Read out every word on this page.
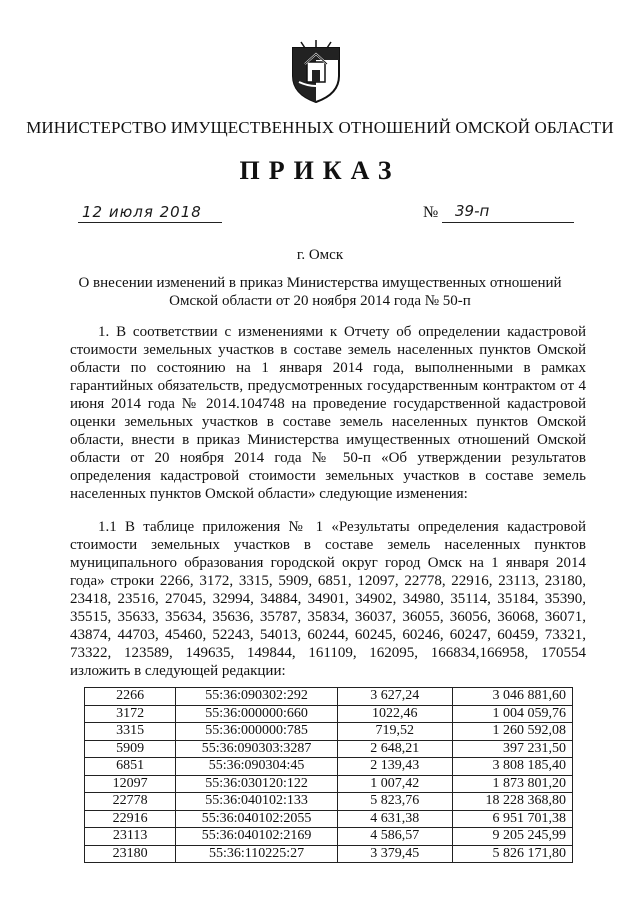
МИНИСТЕРСТВО ИМУЩЕСТВЕННЫХ ОТНОШЕНИЙ ОМСКОЙ ОБЛАСТИ
ПРИКАЗ
12 июля 2018	№ 39-п
г. Омск
О внесении изменений в приказ Министерства имущественных отношений Омской области от 20 ноября 2014 года № 50-п

1. В соответствии с изменениями к Отчету об определении кадастровой стоимости земельных участков в составе земель населенных пунктов Омской области по состоянию на 1 января 2014 года, выполненными в рамках гарантийных обязательств, предусмотренных государственным контрактом от 4 июня 2014 года № 2014.104748 на проведение государственной кадастровой оценки земельных участков в составе земель населенных пунктов Омской области, внести в приказ Министерства имущественных отношений Омской области от 20 ноября 2014 года № 50-п «Об утверждении результатов определения кадастровой стоимости земельных участков в составе земель населенных пунктов Омской области» следующие изменения:

1.1 В таблице приложения № 1 «Результаты определения кадастровой стоимости земельных участков в составе земель населенных пунктов муниципального образования городской округ город Омск на 1 января 2014 года» строки 2266, 3172, 3315, 5909, 6851, 12097, 22778, 22916, 23113, 23180, 23418, 23516, 27045, 32994, 34884, 34901, 34902, 34980, 35114, 35184, 35390, 35515, 35633, 35634, 35636, 35787, 35834, 36037, 36055, 36056, 36068, 36071, 43874, 44703, 45460, 52243, 54013, 60244, 60245, 60246, 60247, 60459, 73321, 73322, 123589, 149635, 149844, 161109, 162095, 166834,166958, 170554 изложить в следующей редакции:

2266	55:36:090302:292	3 627,24	3 046 881,60
3172	55:36:000000:660	1022,46	1 004 059,76
3315	55:36:000000:785	719,52	1 260 592,08
5909	55:36:090303:3287	2 648,21	397 231,50
6851	55:36:090304:45	2 139,43	3 808 185,40
12097	55:36:030120:122	1 007,42	1 873 801,20
22778	55:36:040102:133	5 823,76	18 228 368,80
22916	55:36:040102:2055	4 631,38	6 951 701,38
23113	55:36:040102:2169	4 586,57	9 205 245,99
23180	55:36:110225:27	3 379,45	5 826 171,80
